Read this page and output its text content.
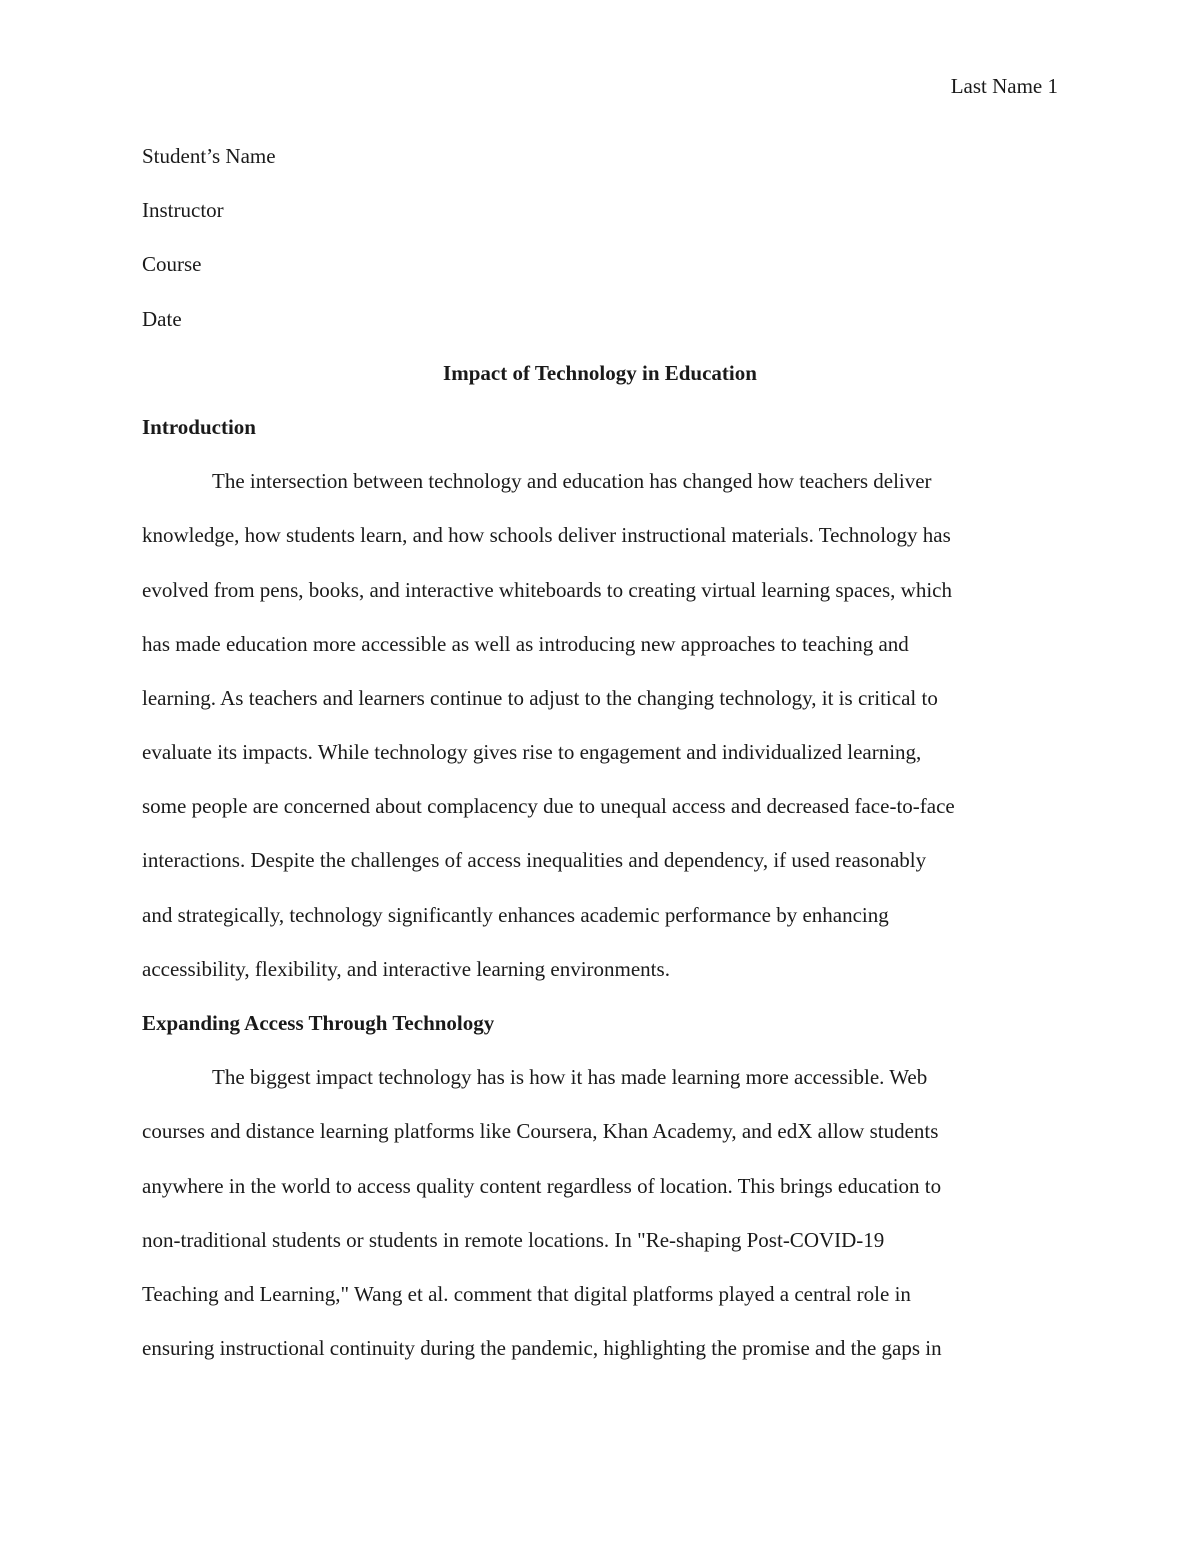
Last Name 1
Student’s Name
Instructor
Course
Date
Impact of Technology in Education
Introduction
The intersection between technology and education has changed how teachers deliver
knowledge, how students learn, and how schools deliver instructional materials. Technology has
evolved from pens, books, and interactive whiteboards to creating virtual learning spaces, which
has made education more accessible as well as introducing new approaches to teaching and
learning. As teachers and learners continue to adjust to the changing technology, it is critical to
evaluate its impacts. While technology gives rise to engagement and individualized learning,
some people are concerned about complacency due to unequal access and decreased face-to-face
interactions. Despite the challenges of access inequalities and dependency, if used reasonably
and strategically, technology significantly enhances academic performance by enhancing
accessibility, flexibility, and interactive learning environments.
Expanding Access Through Technology
The biggest impact technology has is how it has made learning more accessible. Web
courses and distance learning platforms like Coursera, Khan Academy, and edX allow students
anywhere in the world to access quality content regardless of location. This brings education to
non-traditional students or students in remote locations. In "Re-shaping Post-COVID-19
Teaching and Learning," Wang et al. comment that digital platforms played a central role in
ensuring instructional continuity during the pandemic, highlighting the promise and the gaps in
